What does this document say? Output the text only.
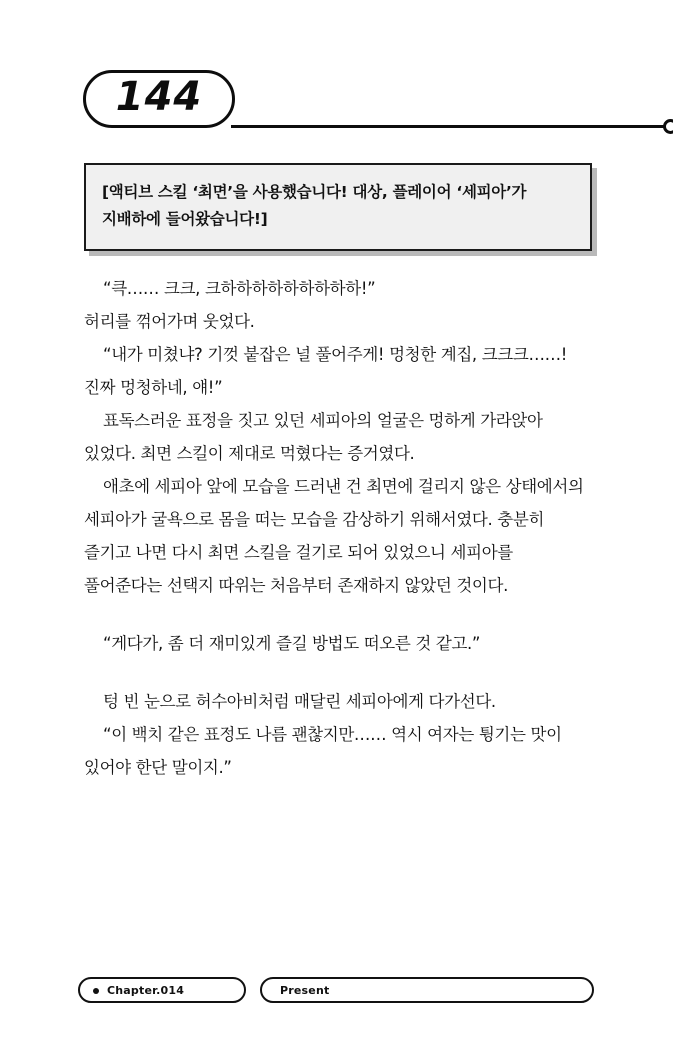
144
[액티브 스킬 ‘최면’을 사용했습니다! 대상, 플레이어 ‘세피아’가 지배하에 들어왔습니다!]

“큭…… 크크, 크하하하하하하하하하!”

허리를 꺾어가며 웃었다.

“내가 미쳤냐? 기껏 붙잡은 널 풀어주게! 멍청한 계집, 크크크……! 진짜 멍청하네, 얘!”

표독스러운 표정을 짓고 있던 세피아의 얼굴은 멍하게 가라앉아 있었다. 최면 스킬이 제대로 먹혔다는 증거였다.

애초에 세피아 앞에 모습을 드러낸 건 최면에 걸리지 않은 상태에서의 세피아가 굴욕으로 몸을 떠는 모습을 감상하기 위해서였다. 충분히 즐기고 나면 다시 최면 스킬을 걸기로 되어 있었으니 세피아를 풀어준다는 선택지 따위는 처음부터 존재하지 않았던 것이다.

“게다가, 좀 더 재미있게 즐길 방법도 떠오른 것 같고.”

텅 빈 눈으로 허수아비처럼 매달린 세피아에게 다가선다.

“이 백치 같은 표정도 나름 괜찮지만…… 역시 여자는 튕기는 맛이 있어야 한단 말이지.”

Chapter.014	Present
